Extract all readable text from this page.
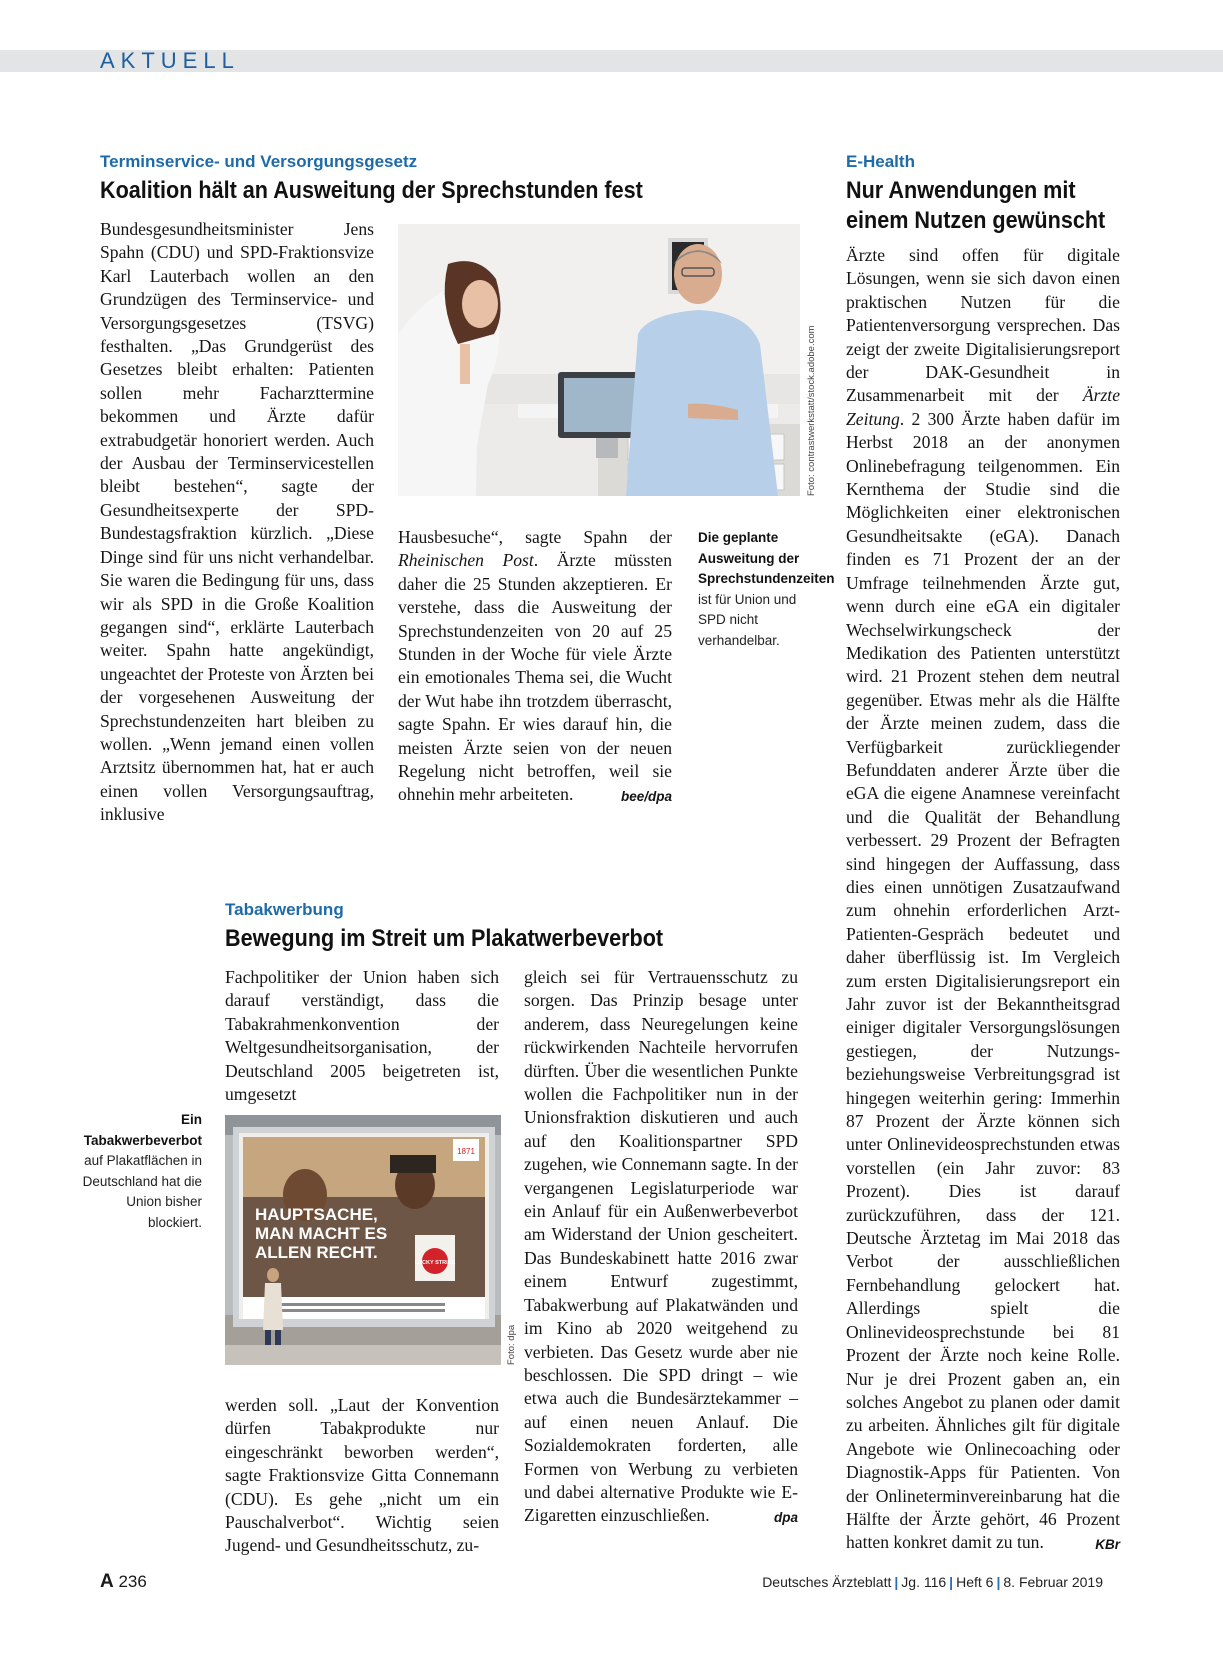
AKTUELL
Terminservice- und Versorgungsgesetz
Koalition hält an Ausweitung der Sprechstunden fest
Bundesgesundheitsminister Jens Spahn (CDU) und SPD-Fraktionsvize Karl Lauterbach wollen an den Grundzügen des Terminservice- und Versorgungsgesetzes (TSVG) festhalten. „Das Grundgerüst des Gesetzes bleibt erhalten: Patienten sollen mehr Facharzttermine bekommen und Ärzte dafür extrabudgetär honoriert werden. Auch der Ausbau der Terminservicestellen bleibt bestehen“, sagte der Gesundheitsexperte der SPD-Bundestagsfraktion kürzlich. „Diese Dinge sind für uns nicht verhandelbar. Sie waren die Bedingung für uns, dass wir als SPD in die Große Koalition gegangen sind“, erklärte Lauterbach weiter. Spahn hatte angekündigt, ungeachtet der Proteste von Ärzten bei der vorgesehenen Ausweitung der Sprechstundenzeiten hart bleiben zu wollen. „Wenn jemand einen vollen Arztsitz übernommen hat, hat er auch einen vollen Versorgungsauftrag, inklusive
Foto: contrastwerkstatt/stock.adobe.com
Hausbesuche“, sagte Spahn der Rheinischen Post. Ärzte müssten daher die 25 Stunden akzeptieren. Er verstehe, dass die Ausweitung der Sprechstundenzeiten von 20 auf 25 Stunden in der Woche für viele Ärzte ein emotionales Thema sei, die Wucht der Wut habe ihn trotzdem überrascht, sagte Spahn. Er wies darauf hin, die meisten Ärzte seien von der neuen Regelung nicht betroffen, weil sie ohnehin mehr arbeiteten.	bee/dpa
Die geplante Ausweitung der Sprechstundenzeiten ist für Union und SPD nicht verhandelbar.
Tabakwerbung
Bewegung im Streit um Plakatwerbeverbot
Fachpolitiker der Union haben sich darauf verständigt, dass die Tabakrahmenkonvention der Weltgesundheitsorganisation, der Deutschland 2005 beigetreten ist, umgesetzt
Ein Tabakwerbeverbot auf Plakatflächen in Deutschland hat die Union bisher blockiert.
1871
HAUPTSACHE,
MAN MACHT ES
ALLEN RECHT.
LUCKY STRIKE
Foto: dpa
werden soll. „Laut der Konvention dürfen Tabakprodukte nur eingeschränkt beworben werden“, sagte Fraktionsvize Gitta Connemann (CDU). Es gehe „nicht um ein Pauschalverbot“. Wichtig seien Jugend- und Gesundheitsschutz, zu-
gleich sei für Vertrauensschutz zu sorgen. Das Prinzip besage unter anderem, dass Neuregelungen keine rückwirkenden Nachteile hervorrufen dürften. Über die wesentlichen Punkte wollen die Fachpolitiker nun in der Unionsfraktion diskutieren und auch auf den Koalitionspartner SPD zugehen, wie Connemann sagte. In der vergangenen Legislaturperiode war ein Anlauf für ein Außenwerbeverbot am Widerstand der Union gescheitert. Das Bundeskabinett hatte 2016 zwar einem Entwurf zugestimmt, Tabakwerbung auf Plakatwänden und im Kino ab 2020 weitgehend zu verbieten. Das Gesetz wurde aber nie beschlossen. Die SPD dringt – wie etwa auch die Bundesärztekammer – auf einen neuen Anlauf. Die Sozialdemokraten forderten, alle Formen von Werbung zu verbieten und dabei alternative Produkte wie E-Zigaretten einzuschließen.	dpa
E-Health
Nur Anwendungen mit einem Nutzen gewünscht
Ärzte sind offen für digitale Lösungen, wenn sie sich davon einen praktischen Nutzen für die Patientenversorgung versprechen. Das zeigt der zweite Digitalisierungsreport der DAK-Gesundheit in Zusammenarbeit mit der Ärzte Zeitung. 2 300 Ärzte haben dafür im Herbst 2018 an der anonymen Onlinebefragung teilgenommen. Ein Kernthema der Studie sind die Möglichkeiten einer elektronischen Gesundheitsakte (eGA). Danach finden es 71 Prozent der an der Umfrage teilnehmenden Ärzte gut, wenn durch eine eGA ein digitaler Wechselwirkungscheck der Medikation des Patienten unterstützt wird. 21 Prozent stehen dem neutral gegenüber. Etwas mehr als die Hälfte der Ärzte meinen zudem, dass die Verfügbarkeit zurückliegender Befunddaten anderer Ärzte über die eGA die eigene Anamnese vereinfacht und die Qualität der Behandlung verbessert. 29 Prozent der Befragten sind hingegen der Auffassung, dass dies einen unnötigen Zusatzaufwand zum ohnehin erforderlichen Arzt-Patienten-Gespräch bedeutet und daher überflüssig ist. Im Vergleich zum ersten Digitalisierungsreport ein Jahr zuvor ist der Bekanntheitsgrad einiger digitaler Versorgungslösungen gestiegen, der Nutzungs- beziehungsweise Verbreitungsgrad ist hingegen weiterhin gering: Immerhin 87 Prozent der Ärzte können sich unter Onlinevideosprechstunden etwas vorstellen (ein Jahr zuvor: 83 Prozent). Dies ist darauf zurückzuführen, dass der 121. Deutsche Ärztetag im Mai 2018 das Verbot der ausschließlichen Fernbehandlung gelockert hat. Allerdings spielt die Onlinevideosprechstunde bei 81 Prozent der Ärzte noch keine Rolle. Nur je drei Prozent gaben an, ein solches Angebot zu planen oder damit zu arbeiten. Ähnliches gilt für digitale Angebote wie Onlinecoaching oder Diagnostik-Apps für Patienten. Von der Onlineterminvereinbarung hat die Hälfte der Ärzte gehört, 46 Prozent hatten konkret damit zu tun.	KBr
A 236	Deutsches Ärzteblatt | Jg. 116 | Heft 6 | 8. Februar 2019
